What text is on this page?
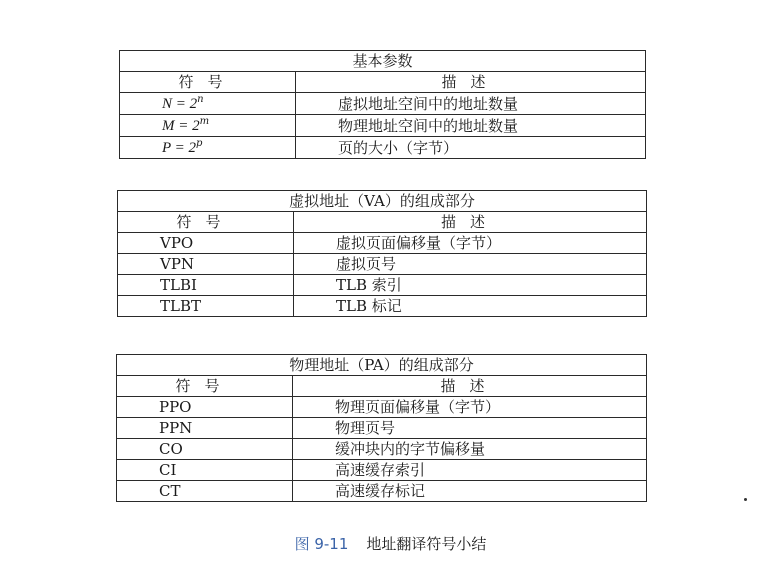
基本参数	
符号	描述
$N = 2^n$	虚拟地址空间中的地址数量
$M = 2^m$	物理地址空间中的地址数量
$P = 2^p$	页的大小（字节）
虚拟地址（VA）的组成部分	
符号	描述
VPO	虚拟页面偏移量（字节）
VPN	虚拟页号
TLBI	TLB 索引
TLBT	TLB 标记
物理地址（PA）的组成部分	
符号	描述
PPO	物理页面偏移量（字节）
PPN	物理页号
CO	缓冲块内的字节偏移量
CI	高速缓存索引
CT	高速缓存标记
图 9-11 地址翻译符号小结
